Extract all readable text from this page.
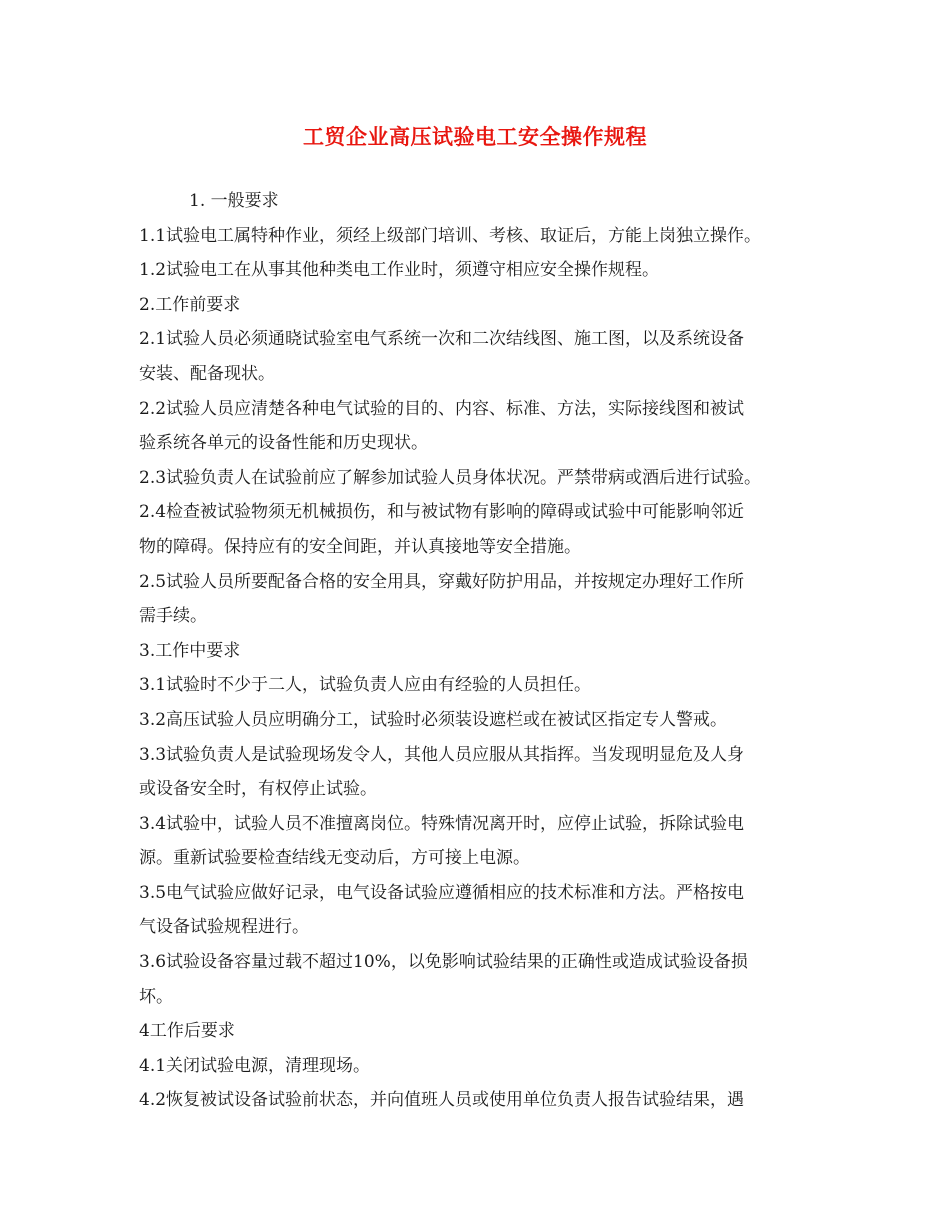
工贸企业高压试验电工安全操作规程

1. 一般要求

1.1试验电工属特种作业，须经上级部门培训、考核、取证后，方能上岗独立操作。

1.2试验电工在从事其他种类电工作业时，须遵守相应安全操作规程。

2.工作前要求

2.1试验人员必须通晓试验室电气系统一次和二次结线图、施工图，以及系统设备

安装、配备现状。

2.2试验人员应清楚各种电气试验的目的、内容、标准、方法，实际接线图和被试

验系统各单元的设备性能和历史现状。

2.3试验负责人在试验前应了解参加试验人员身体状况。严禁带病或酒后进行试验。

2.4检查被试验物须无机械损伤，和与被试物有影响的障碍或试验中可能影响邻近

物的障碍。保持应有的安全间距，并认真接地等安全措施。

2.5试验人员所要配备合格的安全用具，穿戴好防护用品，并按规定办理好工作所

需手续。

3.工作中要求

3.1试验时不少于二人，试验负责人应由有经验的人员担任。

3.2高压试验人员应明确分工，试验时必须装设遮栏或在被试区指定专人警戒。

3.3试验负责人是试验现场发令人，其他人员应服从其指挥。当发现明显危及人身

或设备安全时，有权停止试验。

3.4试验中，试验人员不准擅离岗位。特殊情况离开时，应停止试验，拆除试验电

源。重新试验要检查结线无变动后，方可接上电源。

3.5电气试验应做好记录，电气设备试验应遵循相应的技术标准和方法。严格按电

气设备试验规程进行。

3.6试验设备容量过载不超过10%，以免影响试验结果的正确性或造成试验设备损

坏。

4工作后要求

4.1关闭试验电源，清理现场。

4.2恢复被试设备试验前状态，并向值班人员或使用单位负责人报告试验结果，遇
